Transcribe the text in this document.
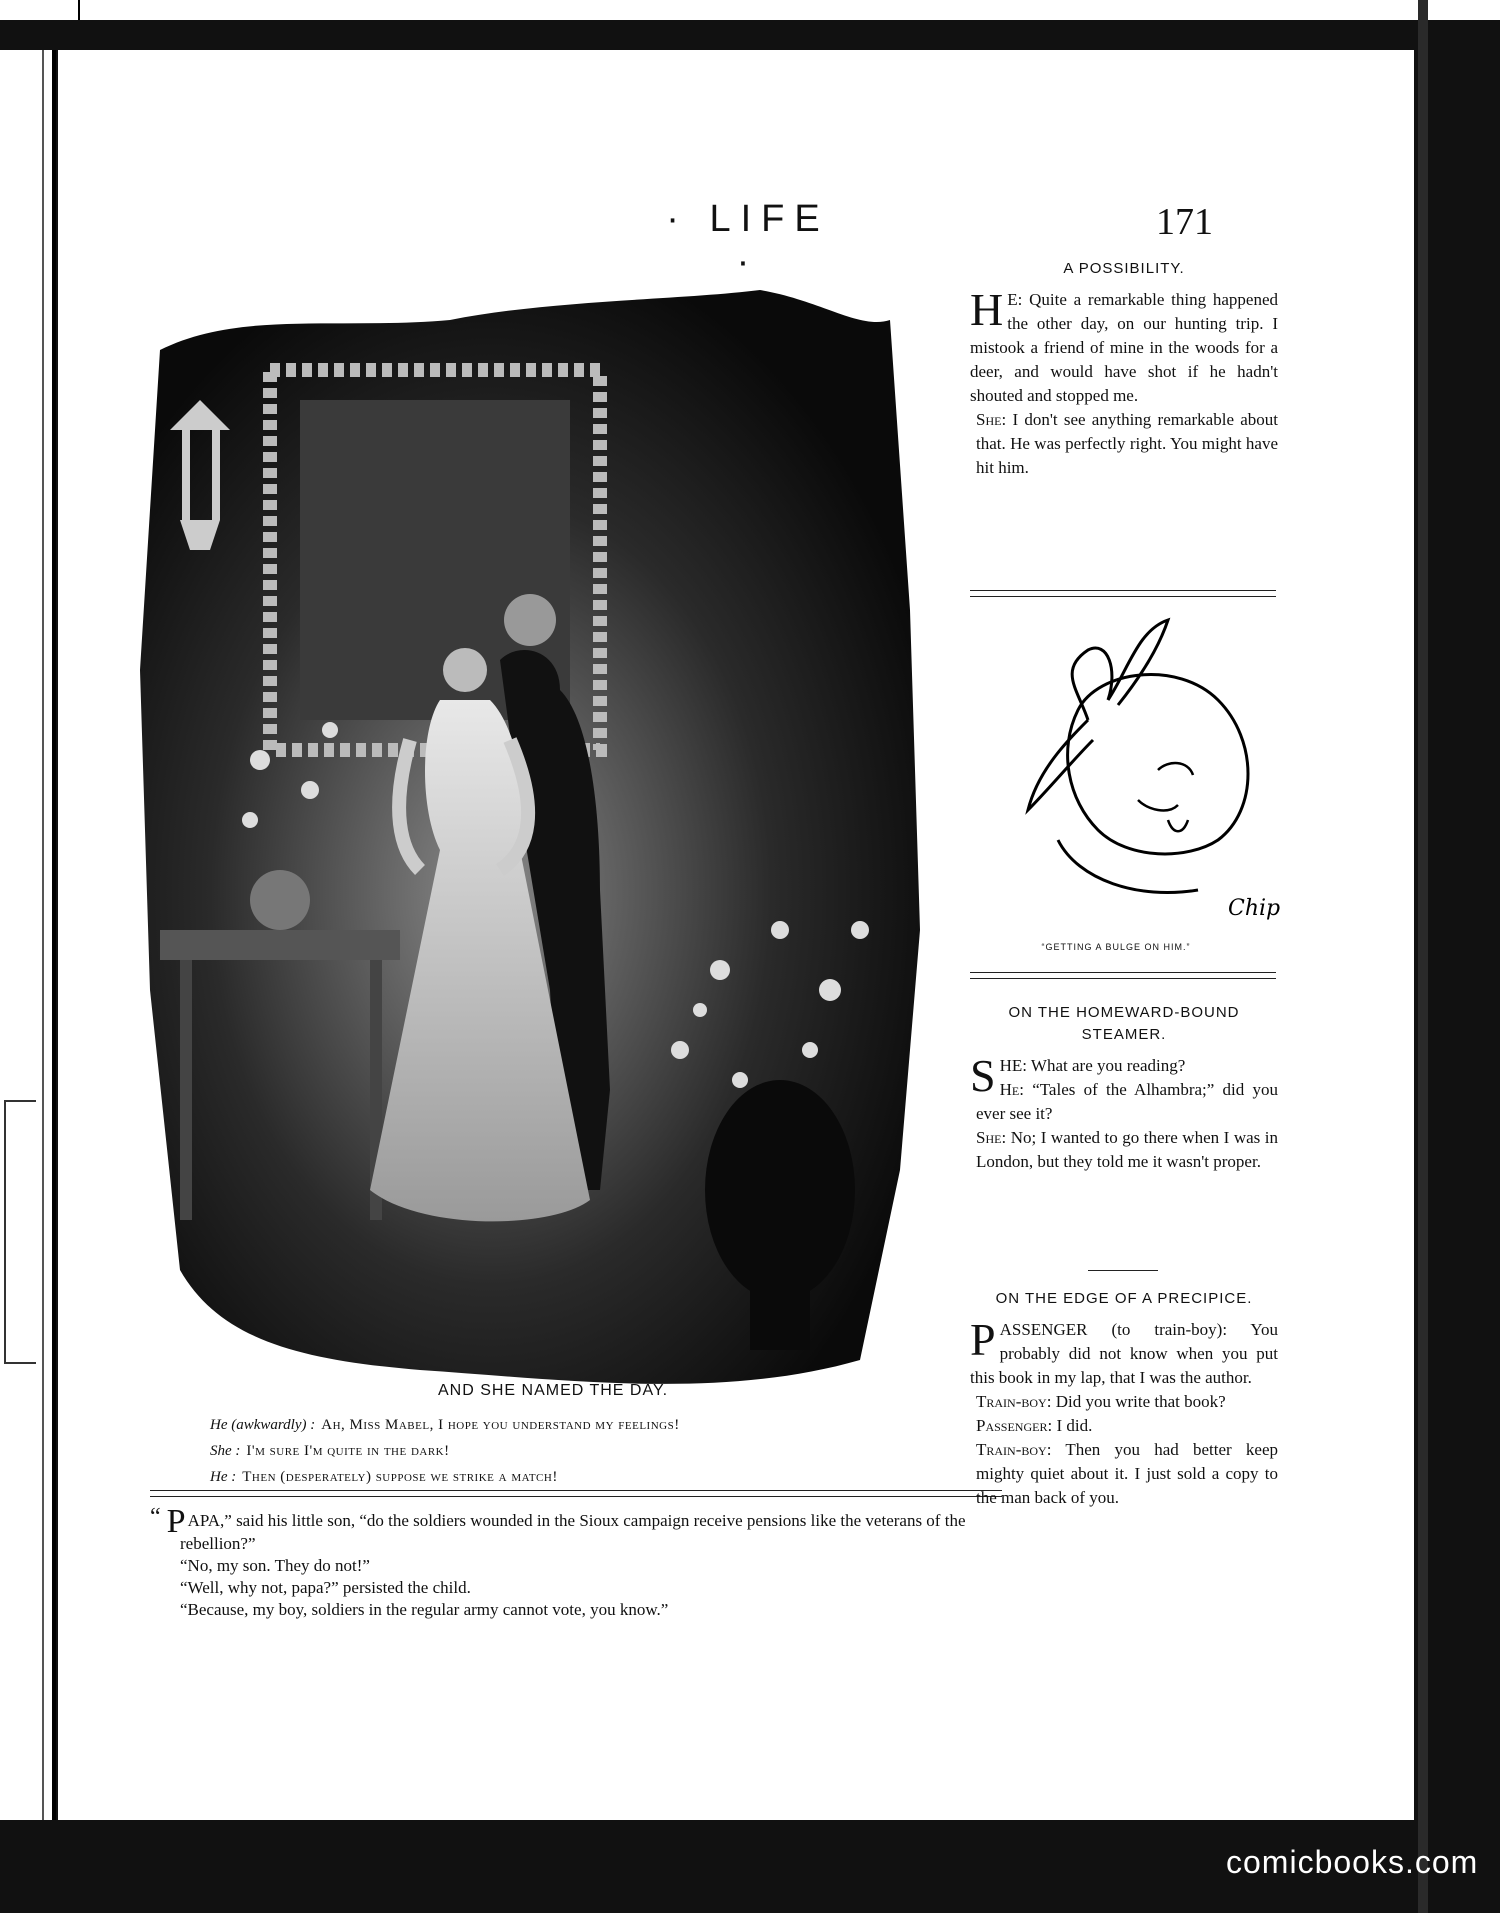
· LIFE ·
171
AND SHE NAMED THE DAY.
He (awkwardly) : Ah, Miss Mabel, I hope you understand my feelings!
She : I'm sure I'm quite in the dark!
He : Then (desperately) suppose we strike a match!

“ P APA,” said his little son, “do the soldiers wounded in the Sioux campaign receive pensions like the veterans of the rebellion?”

“No, my son. They do not!”

“Well, why not, papa?” persisted the child.

“Because, my boy, soldiers in the regular army cannot vote, you know.”

A POSSIBILITY.

H E: Quite a remarkable thing happened the other day, on our hunting trip. I mistook a friend of mine in the woods for a deer, and would have shot if he hadn't shouted and stopped me.

She: I don't see anything remarkable about that. He was perfectly right. You might have hit him.

Chip
“GETTING A BULGE ON HIM.”
ON THE HOMEWARD-BOUND STEAMER.

SHE: What are you reading?

He: “Tales of the Alhambra;” did you ever see it?

She: No; I wanted to go there when I was in London, but they told me it wasn't proper.

ON THE EDGE OF A PRECIPICE.

PASSENGER (to train-boy): You probably did not know when you put this book in my lap, that I was the author.

Train-boy: Did you write that book?

Passenger: I did.

Train-boy: Then you had better keep mighty quiet about it. I just sold a copy to the man back of you.

comicbooks.com
